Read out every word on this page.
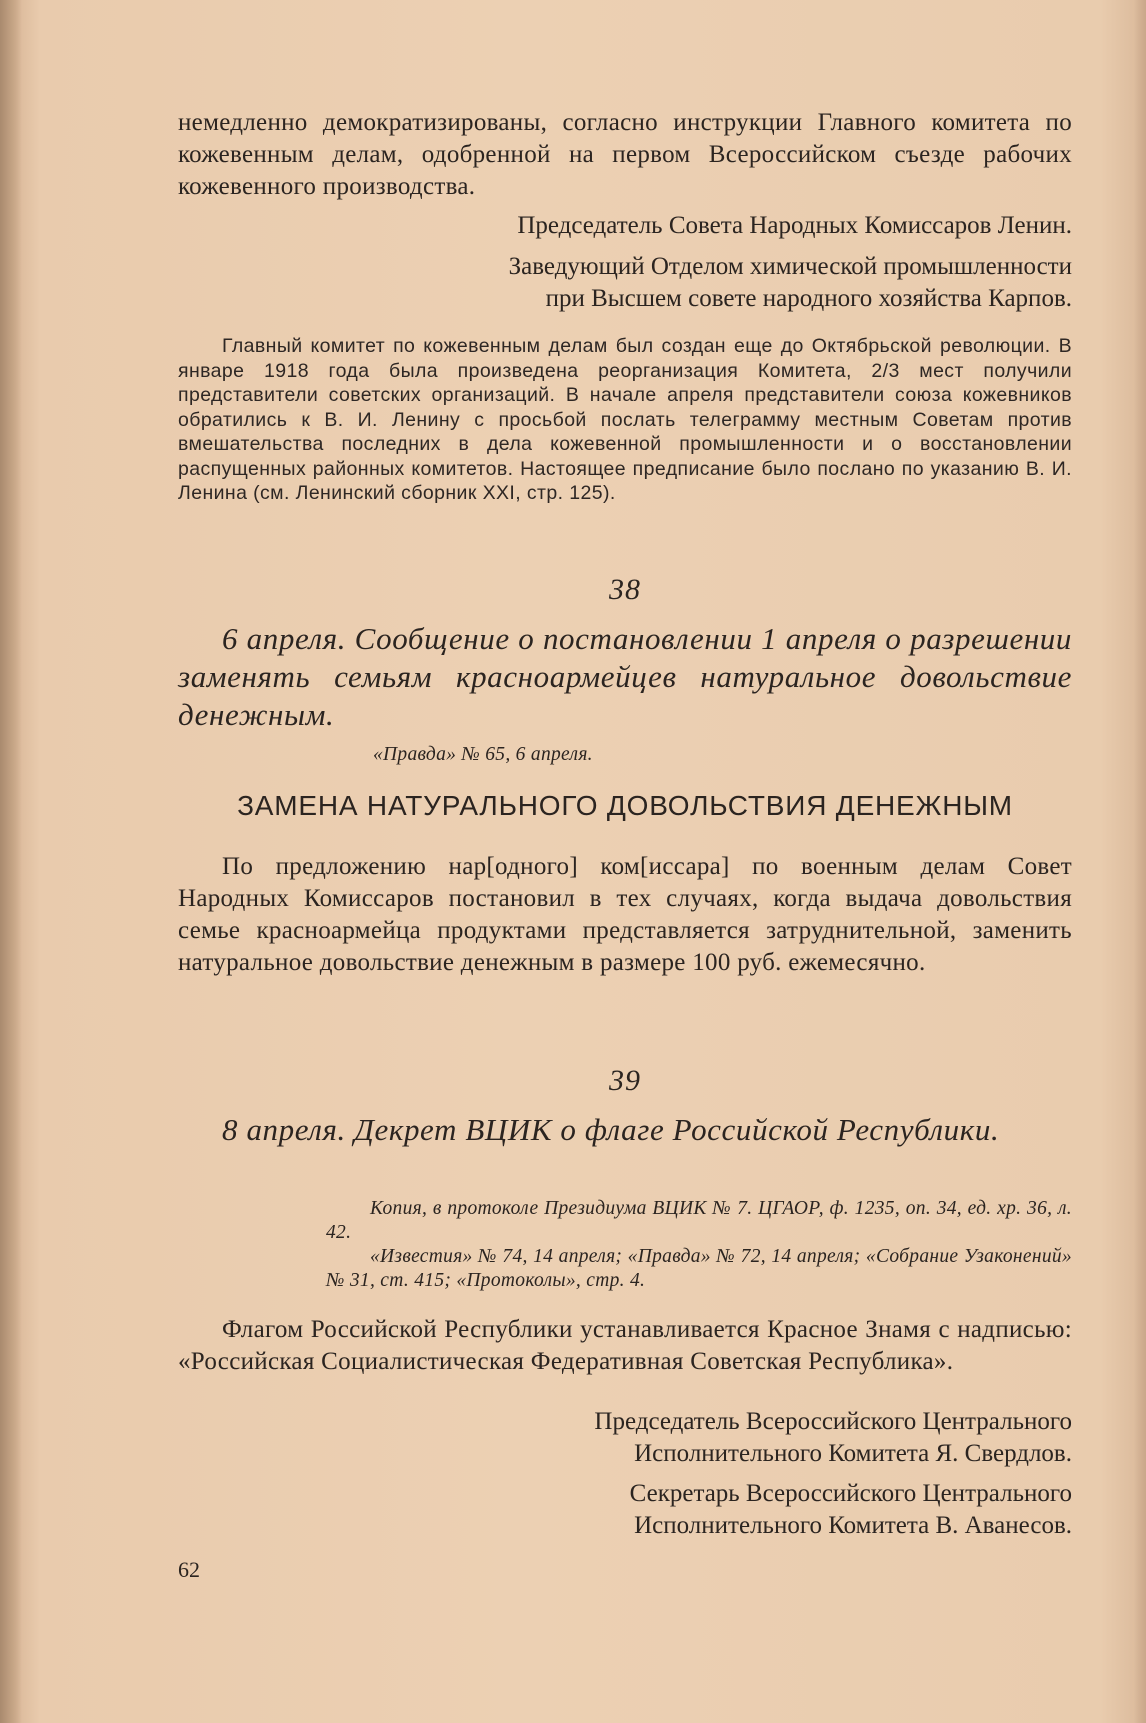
немедленно демократизированы, согласно инструкции Главного комитета по кожевенным делам, одобренной на первом Всероссийском съезде рабочих кожевенного производства.

Председатель Совета Народных Комиссаров Ленин.

Заведующий Отделом химической промышленности

при Высшем совете народного хозяйства Карпов.

Главный комитет по кожевенным делам был создан еще до Октябрьской революции. В январе 1918 года была произведена реорганизация Комитета, 2/3 мест получили представители советских организаций. В начале апреля представители союза кожевников обратились к В. И. Ленину с просьбой послать телеграмму местным Советам против вмешательства последних в дела кожевенной промышленности и о восстановлении распущенных районных комитетов. Настоящее предписание было послано по указанию В. И. Ленина (см. Ленинский сборник XXI, стр. 125).

38

6 апреля. Сообщение о постановлении 1 апреля о разрешении заменять семьям красноармейцев натуральное довольствие денежным.

«Правда» № 65, 6 апреля.

ЗАМЕНА НАТУРАЛЬНОГО ДОВОЛЬСТВИЯ ДЕНЕЖНЫМ

По предложению нар[одного] ком[иссара] по военным делам Совет Народных Комиссаров постановил в тех случаях, когда выдача довольствия семье красноармейца продуктами представляется затруднительной, заменить натуральное довольствие денежным в размере 100 руб. ежемесячно.

39

8 апреля. Декрет ВЦИК о флаге Российской Республики.

Копия, в протоколе Президиума ВЦИК № 7. ЦГАОР, ф. 1235, оп. 34, ед. хр. 36, л. 42.

«Известия» № 74, 14 апреля; «Правда» № 72, 14 апреля; «Собрание Узаконений» № 31, ст. 415; «Протоколы», стр. 4.

Флагом Российской Республики устанавливается Красное Знамя с надписью: «Российская Социалистическая Федеративная Советская Республика».

Председатель Всероссийского Центрального

Исполнительного Комитета Я. Свердлов.

Секретарь Всероссийского Центрального

Исполнительного Комитета В. Аванесов.

62
